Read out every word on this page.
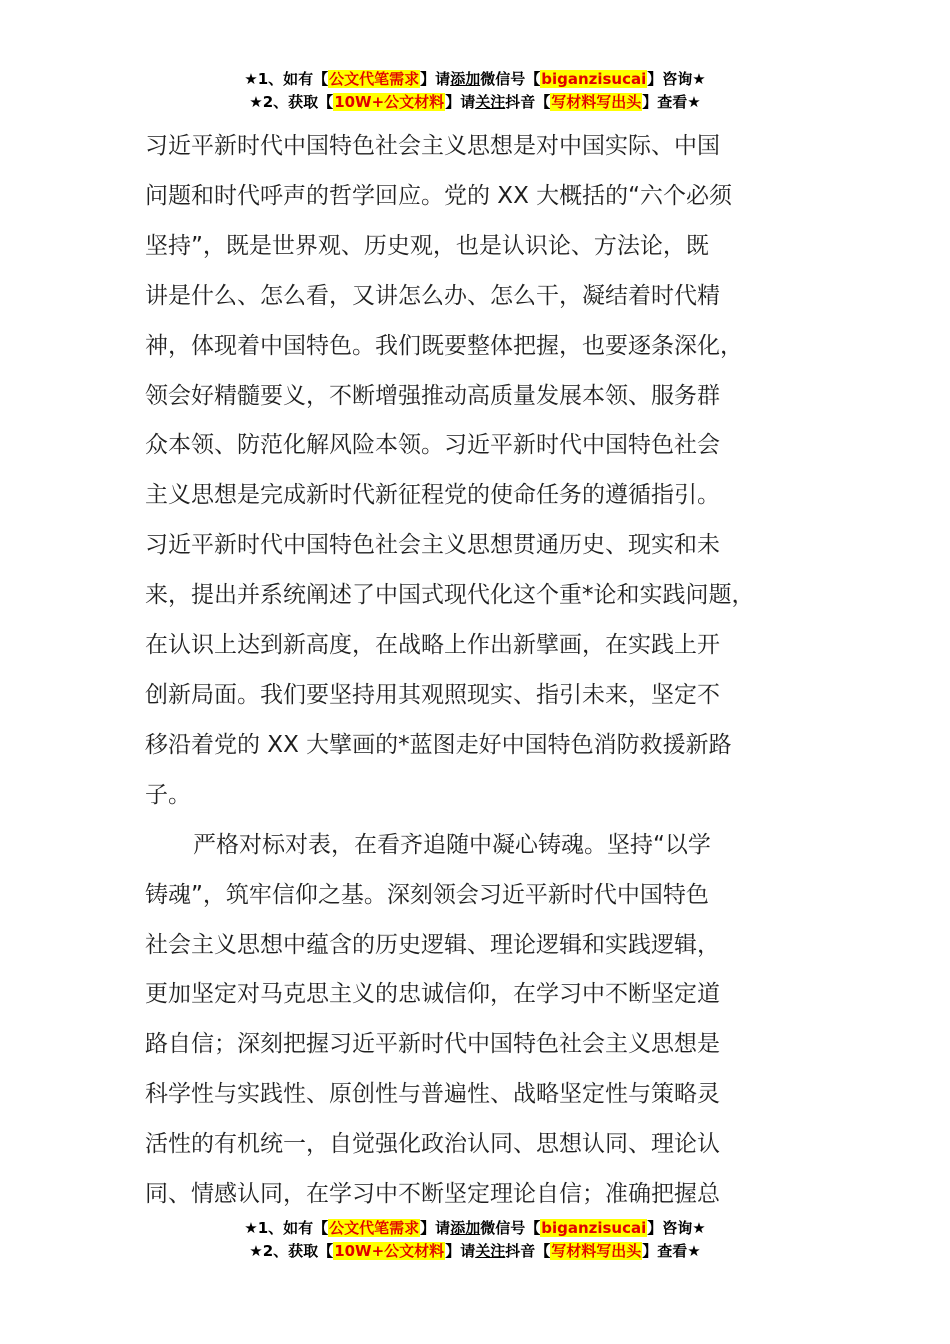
★1、如有【公文代笔需求】请添加微信号【biganzisucai】咨询★
★2、获取【10W+公文材料】请关注抖音【写材料写出头】查看★

习近平新时代中国特色社会主义思想是对中国实际、中国
问题和时代呼声的哲学回应。党的 XX 大概括的“六个必须
坚持”，既是世界观、历史观，也是认识论、方法论，既
讲是什么、怎么看，又讲怎么办、怎么干，凝结着时代精
神，体现着中国特色。我们既要整体把握，也要逐条深化，
领会好精髓要义，不断增强推动高质量发展本领、服务群
众本领、防范化解风险本领。习近平新时代中国特色社会
主义思想是完成新时代新征程党的使命任务的遵循指引。
习近平新时代中国特色社会主义思想贯通历史、现实和未
来，提出并系统阐述了中国式现代化这个重*论和实践问题，
在认识上达到新高度，在战略上作出新擘画，在实践上开
创新局面。我们要坚持用其观照现实、指引未来，坚定不
移沿着党的 XX 大擘画的*蓝图走好中国特色消防救援新路
子。

严格对标对表，在看齐追随中凝心铸魂。坚持“以学
铸魂”，筑牢信仰之基。深刻领会习近平新时代中国特色
社会主义思想中蕴含的历史逻辑、理论逻辑和实践逻辑，
更加坚定对马克思主义的忠诚信仰，在学习中不断坚定道
路自信；深刻把握习近平新时代中国特色社会主义思想是
科学性与实践性、原创性与普遍性、战略坚定性与策略灵
活性的有机统一，自觉强化政治认同、思想认同、理论认
同、情感认同，在学习中不断坚定理论自信；准确把握总

★1、如有【公文代笔需求】请添加微信号【biganzisucai】咨询★
★2、获取【10W+公文材料】请关注抖音【写材料写出头】查看★
